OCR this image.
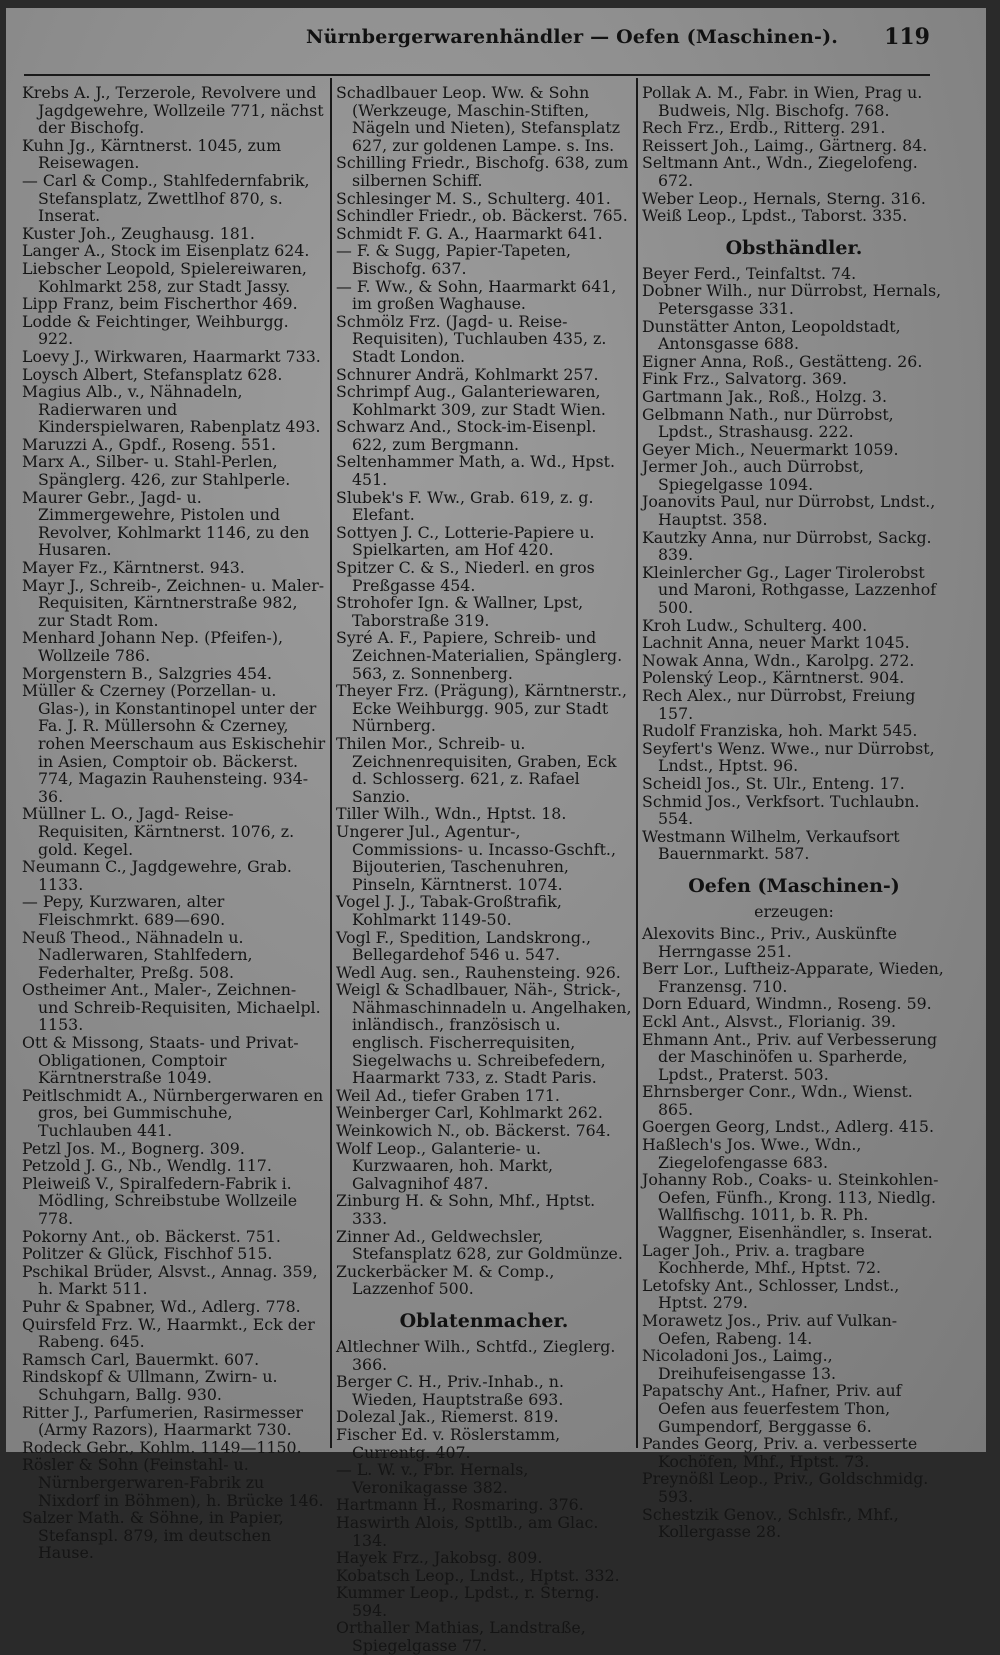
Nürnbergerwarenhändler — Oefen (Maschinen-). 119

Krebs A. J., Terzerole, Revolvere und Jagdgewehre, Wollzeile 771, nächst der Bischofg.

Kuhn Jg., Kärntnerst. 1045, zum Reisewagen.

— Carl & Comp., Stahlfedernfabrik, Stefansplatz, Zwettlhof 870, s. Inserat.

Kuster Joh., Zeughausg. 181.

Langer A., Stock im Eisenplatz 624.

Liebscher Leopold, Spielereiwaren, Kohlmarkt 258, zur Stadt Jassy.

Lipp Franz, beim Fischerthor 469.

Lodde & Feichtinger, Weihburgg. 922.

Loevy J., Wirkwaren, Haarmarkt 733.

Loysch Albert, Stefansplatz 628.

Magius Alb., v., Nähnadeln, Radierwaren und Kinderspielwaren, Rabenplatz 493.

Maruzzi A., Gpdf., Roseng. 551.

Marx A., Silber- u. Stahl-Perlen, Spänglerg. 426, zur Stahlperle.

Maurer Gebr., Jagd- u. Zimmergewehre, Pistolen und Revolver, Kohlmarkt 1146, zu den Husaren.

Mayer Fz., Kärntnerst. 943.

Mayr J., Schreib-, Zeichnen- u. Maler-Requisiten, Kärntnerstraße 982, zur Stadt Rom.

Menhard Johann Nep. (Pfeifen-), Wollzeile 786.

Morgenstern B., Salzgries 454.

Müller & Czerney (Porzellan- u. Glas-), in Konstantinopel unter der Fa. J. R. Müllersohn & Czerney, rohen Meerschaum aus Eskischehir in Asien, Comptoir ob. Bäckerst. 774, Magazin Rauhensteing. 934-36.

Müllner L. O., Jagd- Reise- Requisiten, Kärntnerst. 1076, z. gold. Kegel.

Neumann C., Jagdgewehre, Grab. 1133.

— Pepy, Kurzwaren, alter Fleischmrkt. 689—690.

Neuß Theod., Nähnadeln u. Nadlerwaren, Stahlfedern, Federhalter, Preßg. 508.

Ostheimer Ant., Maler-, Zeichnen- und Schreib-Requisiten, Michaelpl. 1153.

Ott & Missong, Staats- und Privat-Obligationen, Comptoir Kärntnerstraße 1049.

Peitlschmidt A., Nürnbergerwaren en gros, bei Gummischuhe, Tuchlauben 441.

Petzl Jos. M., Bognerg. 309.

Petzold J. G., Nb., Wendlg. 117.

Pleiweiß V., Spiralfedern-Fabrik i. Mödling, Schreibstube Wollzeile 778.

Pokorny Ant., ob. Bäckerst. 751.

Politzer & Glück, Fischhof 515.

Pschikal Brüder, Alsvst., Annag. 359, h. Markt 511.

Puhr & Spabner, Wd., Adlerg. 778.

Quirsfeld Frz. W., Haarmkt., Eck der Rabeng. 645.

Ramsch Carl, Bauermkt. 607.

Rindskopf & Ullmann, Zwirn- u. Schuhgarn, Ballg. 930.

Ritter J., Parfumerien, Rasirmesser (Army Razors), Haarmarkt 730.

Rodeck Gebr., Kohlm. 1149—1150.

Rösler & Sohn (Feinstahl- u. Nürnbergerwaren-Fabrik zu Nixdorf in Böhmen), h. Brücke 146.

Salzer Math. & Söhne, in Papier, Stefanspl. 879, im deutschen Hause.

Schadlbauer Leop. Ww. & Sohn (Werkzeuge, Maschin-Stiften, Nägeln und Nieten), Stefansplatz 627, zur goldenen Lampe. s. Ins.

Schilling Friedr., Bischofg. 638, zum silbernen Schiff.

Schlesinger M. S., Schulterg. 401.

Schindler Friedr., ob. Bäckerst. 765.

Schmidt F. G. A., Haarmarkt 641.

— F. & Sugg, Papier-Tapeten, Bischofg. 637.

— F. Ww., & Sohn, Haarmarkt 641, im großen Waghause.

Schmölz Frz. (Jagd- u. Reise-Requisiten), Tuchlauben 435, z. Stadt London.

Schnurer Andrä, Kohlmarkt 257.

Schrimpf Aug., Galanteriewaren, Kohlmarkt 309, zur Stadt Wien.

Schwarz And., Stock-im-Eisenpl. 622, zum Bergmann.

Seltenhammer Math, a. Wd., Hpst. 451.

Slubek's F. Ww., Grab. 619, z. g. Elefant.

Sottyen J. C., Lotterie-Papiere u. Spielkarten, am Hof 420.

Spitzer C. & S., Niederl. en gros Preßgasse 454.

Strohofer Ign. & Wallner, Lpst, Taborstraße 319.

Syré A. F., Papiere, Schreib- und Zeichnen-Materialien, Spänglerg. 563, z. Sonnenberg.

Theyer Frz. (Prägung), Kärntnerstr., Ecke Weihburgg. 905, zur Stadt Nürnberg.

Thilen Mor., Schreib- u. Zeichnenrequisiten, Graben, Eck d. Schlosserg. 621, z. Rafael Sanzio.

Tiller Wilh., Wdn., Hptst. 18.

Ungerer Jul., Agentur-, Commissions- u. Incasso-Gschft., Bijouterien, Taschenuhren, Pinseln, Kärntnerst. 1074.

Vogel J. J., Tabak-Großtrafik, Kohlmarkt 1149-50.

Vogl F., Spedition, Landskrong., Bellegardehof 546 u. 547.

Wedl Aug. sen., Rauhensteing. 926.

Weigl & Schadlbauer, Näh-, Strick-, Nähmaschinnadeln u. Angelhaken, inländisch., französisch u. englisch. Fischerrequisiten, Siegelwachs u. Schreibefedern, Haarmarkt 733, z. Stadt Paris.

Weil Ad., tiefer Graben 171.

Weinberger Carl, Kohlmarkt 262.

Weinkowich N., ob. Bäckerst. 764.

Wolf Leop., Galanterie- u. Kurzwaaren, hoh. Markt, Galvagnihof 487.

Zinburg H. & Sohn, Mhf., Hptst. 333.

Zinner Ad., Geldwechsler, Stefansplatz 628, zur Goldmünze.

Zuckerbäcker M. & Comp., Lazzenhof 500.

Oblatenmacher.

Altlechner Wilh., Schtfd., Zieglerg. 366.

Berger C. H., Priv.-Inhab., n. Wieden, Hauptstraße 693.

Dolezal Jak., Riemerst. 819.

Fischer Ed. v. Röslerstamm, Currentg. 407.

— L. W. v., Fbr. Hernals, Veronikagasse 382.

Hartmann H., Rosmaring. 376.

Haswirth Alois, Spttlb., am Glac. 134.

Hayek Frz., Jakobsg. 809.

Kobatsch Leop., Lndst., Hptst. 332.

Kummer Leop., Lpdst., r. Sterng. 594.

Orthaller Mathias, Landstraße, Spiegelgasse 77.

Pollak A. M., Fabr. in Wien, Prag u. Budweis, Nlg. Bischofg. 768.

Rech Frz., Erdb., Ritterg. 291.

Reissert Joh., Laimg., Gärtnerg. 84.

Seltmann Ant., Wdn., Ziegelofeng. 672.

Weber Leop., Hernals, Sterng. 316.

Weiß Leop., Lpdst., Taborst. 335.

Obsthändler.

Beyer Ferd., Teinfaltst. 74.

Dobner Wilh., nur Dürrobst, Hernals, Petersgasse 331.

Dunstätter Anton, Leopoldstadt, Antonsgasse 688.

Eigner Anna, Roß., Gestätteng. 26.

Fink Frz., Salvatorg. 369.

Gartmann Jak., Roß., Holzg. 3.

Gelbmann Nath., nur Dürrobst, Lpdst., Strashausg. 222.

Geyer Mich., Neuermarkt 1059.

Jermer Joh., auch Dürrobst, Spiegelgasse 1094.

Joanovits Paul, nur Dürrobst, Lndst., Hauptst. 358.

Kautzky Anna, nur Dürrobst, Sackg. 839.

Kleinlercher Gg., Lager Tirolerobst und Maroni, Rothgasse, Lazzenhof 500.

Kroh Ludw., Schulterg. 400.

Lachnit Anna, neuer Markt 1045.

Nowak Anna, Wdn., Karolpg. 272.

Polenský Leop., Kärntnerst. 904.

Rech Alex., nur Dürrobst, Freiung 157.

Rudolf Franziska, hoh. Markt 545.

Seyfert's Wenz. Wwe., nur Dürrobst, Lndst., Hptst. 96.

Scheidl Jos., St. Ulr., Enteng. 17.

Schmid Jos., Verkfsort. Tuchlaubn. 554.

Westmann Wilhelm, Verkaufsort Bauernmarkt. 587.

Oefen (Maschinen-)
erzeugen:

Alexovits Binc., Priv., Auskünfte Herrngasse 251.

Berr Lor., Luftheiz-Apparate, Wieden, Franzensg. 710.

Dorn Eduard, Windmn., Roseng. 59.

Eckl Ant., Alsvst., Florianig. 39.

Ehmann Ant., Priv. auf Verbesserung der Maschinöfen u. Sparherde, Lpdst., Praterst. 503.

Ehrnsberger Conr., Wdn., Wienst. 865.

Goergen Georg, Lndst., Adlerg. 415.

Haßlech's Jos. Wwe., Wdn., Ziegelofengasse 683.

Johanny Rob., Coaks- u. Steinkohlen-Oefen, Fünfh., Krong. 113, Niedlg. Wallfischg. 1011, b. R. Ph. Waggner, Eisenhändler, s. Inserat.

Lager Joh., Priv. a. tragbare Kochherde, Mhf., Hptst. 72.

Letofsky Ant., Schlosser, Lndst., Hptst. 279.

Morawetz Jos., Priv. auf Vulkan-Oefen, Rabeng. 14.

Nicoladoni Jos., Laimg., Dreihufeisengasse 13.

Papatschy Ant., Hafner, Priv. auf Oefen aus feuerfestem Thon, Gumpendorf, Berggasse 6.

Pandes Georg, Priv. a. verbesserte Kochöfen, Mhf., Hptst. 73.

Preynößl Leop., Priv., Goldschmidg. 593.

Schestzik Genov., Schlsfr., Mhf., Kollergasse 28.
